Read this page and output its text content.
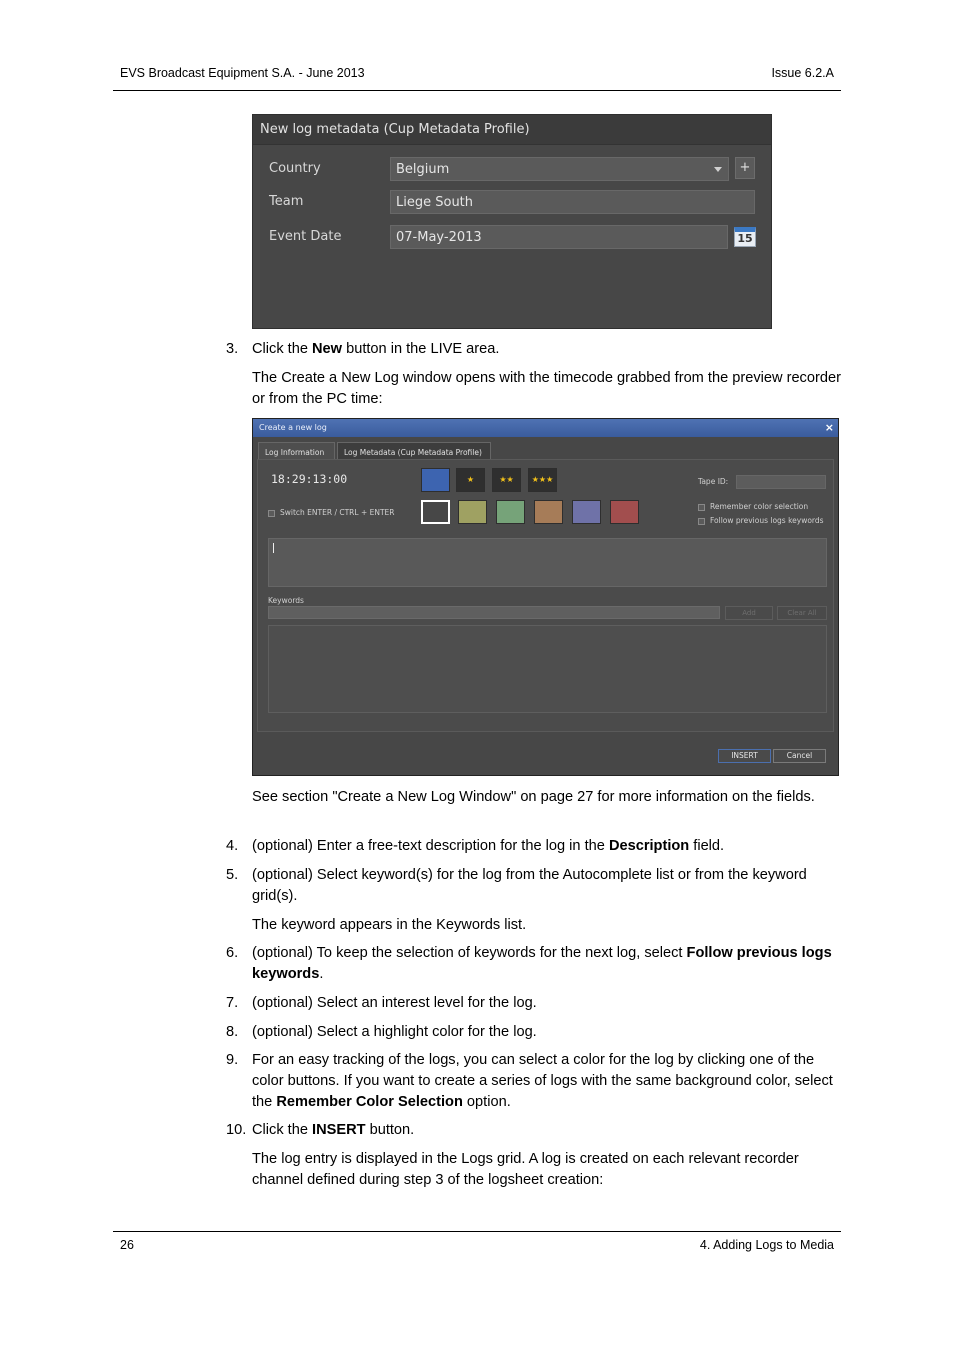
EVS Broadcast Equipment S.A. - June 2013	Issue 6.2.A
New log metadata (Cup Metadata Profile)
Country	Belgium	+
Team	Liege South
Event Date	07-May-2013	15
3. Click the New button in the LIVE area.
The Create a New Log window opens with the timecode grabbed from the preview recorder or from the PC time:
Create a new log	×
Log Information	Log Metadata (Cup Metadata Profile)
18:29:13:00	★	★★	★★★	Tape ID:
Switch ENTER / CTRL + ENTER
Remember color selection
Follow previous logs keywords
Keywords
Add	Clear All
INSERT	Cancel
See section "Create a New Log Window" on page 27 for more information on the fields.
4. (optional) Enter a free-text description for the log in the Description field.
5. (optional) Select keyword(s) for the log from the Autocomplete list or from the keyword grid(s).
The keyword appears in the Keywords list.
6. (optional) To keep the selection of keywords for the next log, select Follow previous logs keywords.
7. (optional) Select an interest level for the log.
8. (optional) Select a highlight color for the log.
9. For an easy tracking of the logs, you can select a color for the log by clicking one of the color buttons. If you want to create a series of logs with the same background color, select the Remember Color Selection option.
10. Click the INSERT button.
The log entry is displayed in the Logs grid. A log is created on each relevant recorder channel defined during step 3 of the logsheet creation:
26	4. Adding Logs to Media
